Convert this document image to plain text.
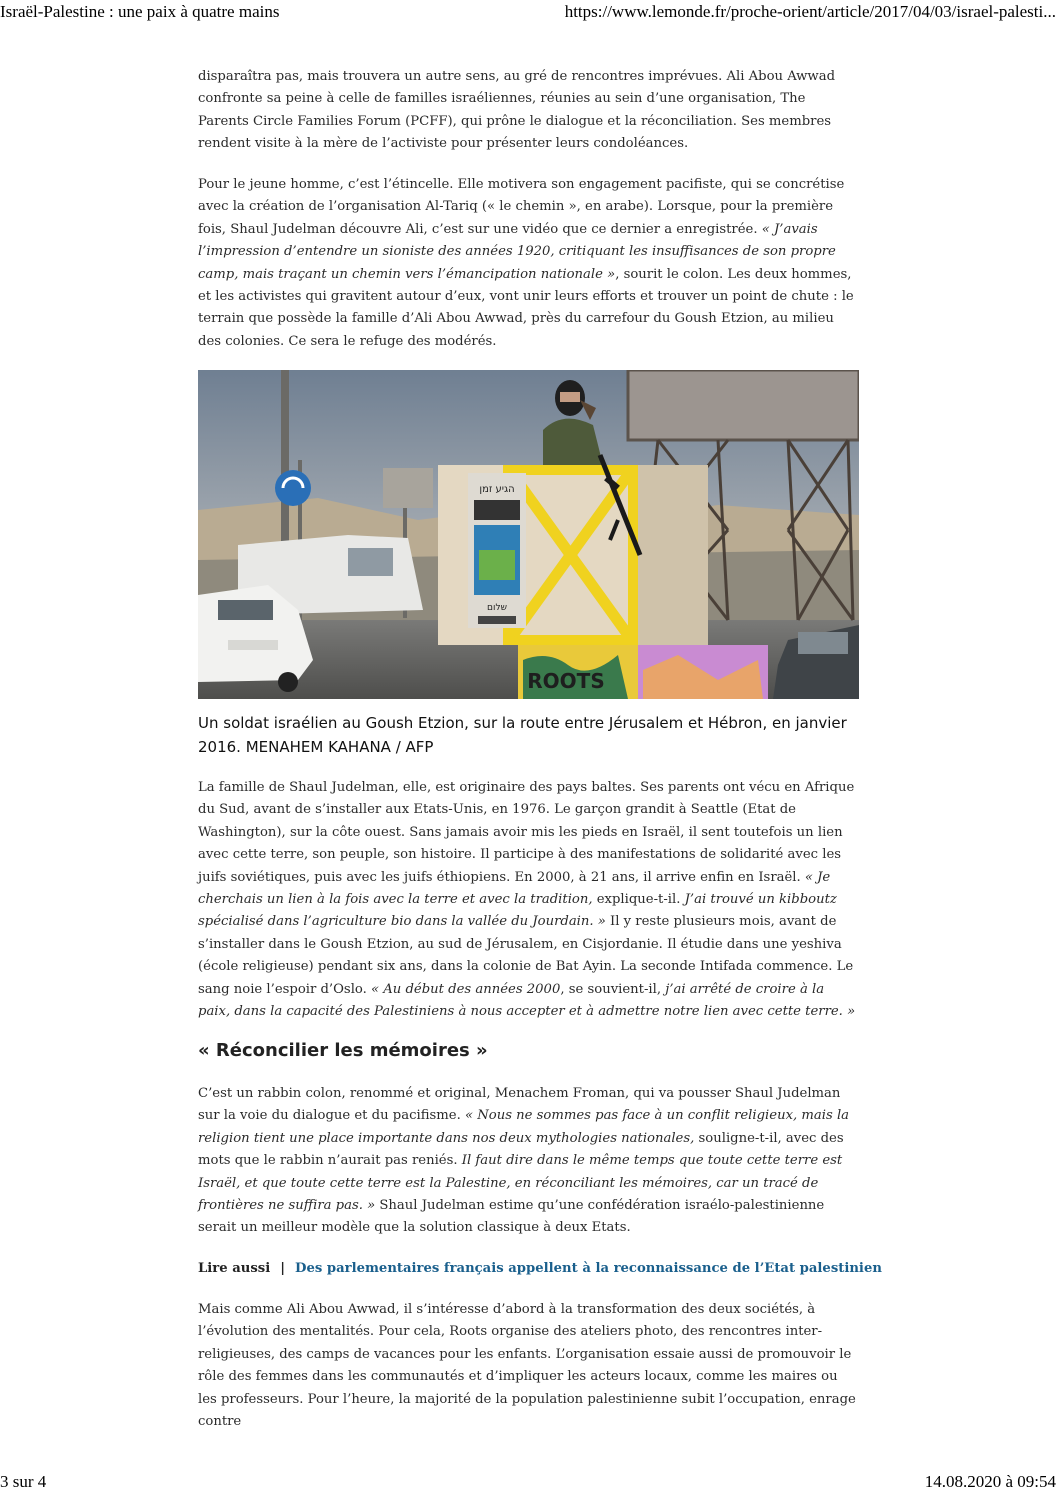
Israël-Palestine : une paix à quatre mains	https://www.lemonde.fr/proche-orient/article/2017/04/03/israel-palesti...

disparaîtra pas, mais trouvera un autre sens, au gré de rencontres imprévues. Ali Abou Awwad confronte sa peine à celle de familles israéliennes, réunies au sein d’une organisation, The Parents Circle Families Forum (PCFF), qui prône le dialogue et la réconciliation. Ses membres rendent visite à la mère de l’activiste pour présenter leurs condoléances.

Pour le jeune homme, c’est l’étincelle. Elle motivera son engagement pacifiste, qui se concrétise avec la création de l’organisation Al-Tariq (« le chemin », en arabe). Lorsque, pour la première fois, Shaul Judelman découvre Ali, c’est sur une vidéo que ce dernier a enregistrée. « J’avais l’impression d’entendre un sioniste des années 1920, critiquant les insuffisances de son propre camp, mais traçant un chemin vers l’émancipation nationale », sourit le colon. Les deux hommes, et les activistes qui gravitent autour d’eux, vont unir leurs efforts et trouver un point de chute : le terrain que possède la famille d’Ali Abou Awwad, près du carrefour du Goush Etzion, au milieu des colonies. Ce sera le refuge des modérés.

הגיע זמן
שלום
ROOTS
Un soldat israélien au Goush Etzion, sur la route entre Jérusalem et Hébron, en janvier 2016. MENAHEM KAHANA / AFP

La famille de Shaul Judelman, elle, est originaire des pays baltes. Ses parents ont vécu en Afrique du Sud, avant de s’installer aux Etats-Unis, en 1976. Le garçon grandit à Seattle (Etat de Washington), sur la côte ouest. Sans jamais avoir mis les pieds en Israël, il sent toutefois un lien avec cette terre, son peuple, son histoire. Il participe à des manifestations de solidarité avec les juifs soviétiques, puis avec les juifs éthiopiens. En 2000, à 21 ans, il arrive enfin en Israël. « Je cherchais un lien à la fois avec la terre et avec la tradition, explique-t-il. J’ai trouvé un kibboutz spécialisé dans l’agriculture bio dans la vallée du Jourdain. » Il y reste plusieurs mois, avant de s’installer dans le Goush Etzion, au sud de Jérusalem, en Cisjordanie. Il étudie dans une yeshiva (école religieuse) pendant six ans, dans la colonie de Bat Ayin. La seconde Intifada commence. Le sang noie l’espoir d’Oslo. « Au début des années 2000, se souvient-il, j’ai arrêté de croire à la paix, dans la capacité des Palestiniens à nous accepter et à admettre notre lien avec cette terre. »

« Réconcilier les mémoires »

C’est un rabbin colon, renommé et original, Menachem Froman, qui va pousser Shaul Judelman sur la voie du dialogue et du pacifisme. « Nous ne sommes pas face à un conflit religieux, mais la religion tient une place importante dans nos deux mythologies nationales, souligne-t-il, avec des mots que le rabbin n’aurait pas reniés. Il faut dire dans le même temps que toute cette terre est Israël, et que toute cette terre est la Palestine, en réconciliant les mémoires, car un tracé de frontières ne suffira pas. » Shaul Judelman estime qu’une confédération israélo-palestinienne serait un meilleur modèle que la solution classique à deux Etats.

Lire aussi | Des parlementaires français appellent à la reconnaissance de l’Etat palestinien

Mais comme Ali Abou Awwad, il s’intéresse d’abord à la transformation des deux sociétés, à l’évolution des mentalités. Pour cela, Roots organise des ateliers photo, des rencontres inter-religieuses, des camps de vacances pour les enfants. L’organisation essaie aussi de promouvoir le rôle des femmes dans les communautés et d’impliquer les acteurs locaux, comme les maires ou les professeurs. Pour l’heure, la majorité de la population palestinienne subit l’occupation, enrage contre

3 sur 4	14.08.2020 à 09:54
